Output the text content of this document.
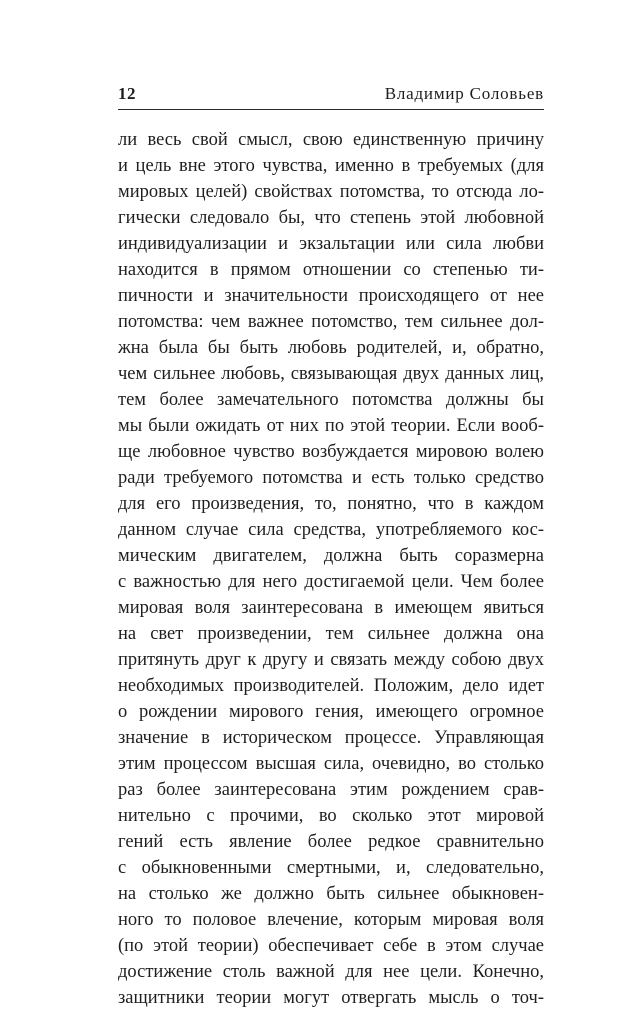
12	Владимир Соловьев
ли весь свой смысл, свою единственную причину
и цель вне этого чувства, именно в требуемых (для
мировых целей) свойствах потомства, то отсюда ло-
гически следовало бы, что степень этой любовной
индивидуализации и экзальтации или сила любви
находится в прямом отношении со степенью ти-
пичности и значительности происходящего от нее
потомства: чем важнее потомство, тем сильнее дол-
жна была бы быть любовь родителей, и, обратно,
чем сильнее любовь, связывающая двух данных лиц,
тем более замечательного потомства должны бы
мы были ожидать от них по этой теории. Если вооб-
ще любовное чувство возбуждается мировою волею
ради требуемого потомства и есть только средство
для его произведения, то, понятно, что в каждом
данном случае сила средства, употребляемого кос-
мическим двигателем, должна быть соразмерна
с важностью для него достигаемой цели. Чем более
мировая воля заинтересована в имеющем явиться
на свет произведении, тем сильнее должна она
притянуть друг к другу и связать между собою двух
необходимых производителей. Положим, дело идет
о рождении мирового гения, имеющего огромное
значение в историческом процессе. Управляющая
этим процессом высшая сила, очевидно, во столько
раз более заинтересована этим рождением срав-
нительно с прочими, во сколько этот мировой
гений есть явление более редкое сравнительно
с обыкновенными смертными, и, следовательно,
на столько же должно быть сильнее обыкновен-
ного то половое влечение, которым мировая воля
(по этой теории) обеспечивает себе в этом случае
достижение столь важной для нее цели. Конечно,
защитники теории могут отвергать мысль о точ-
